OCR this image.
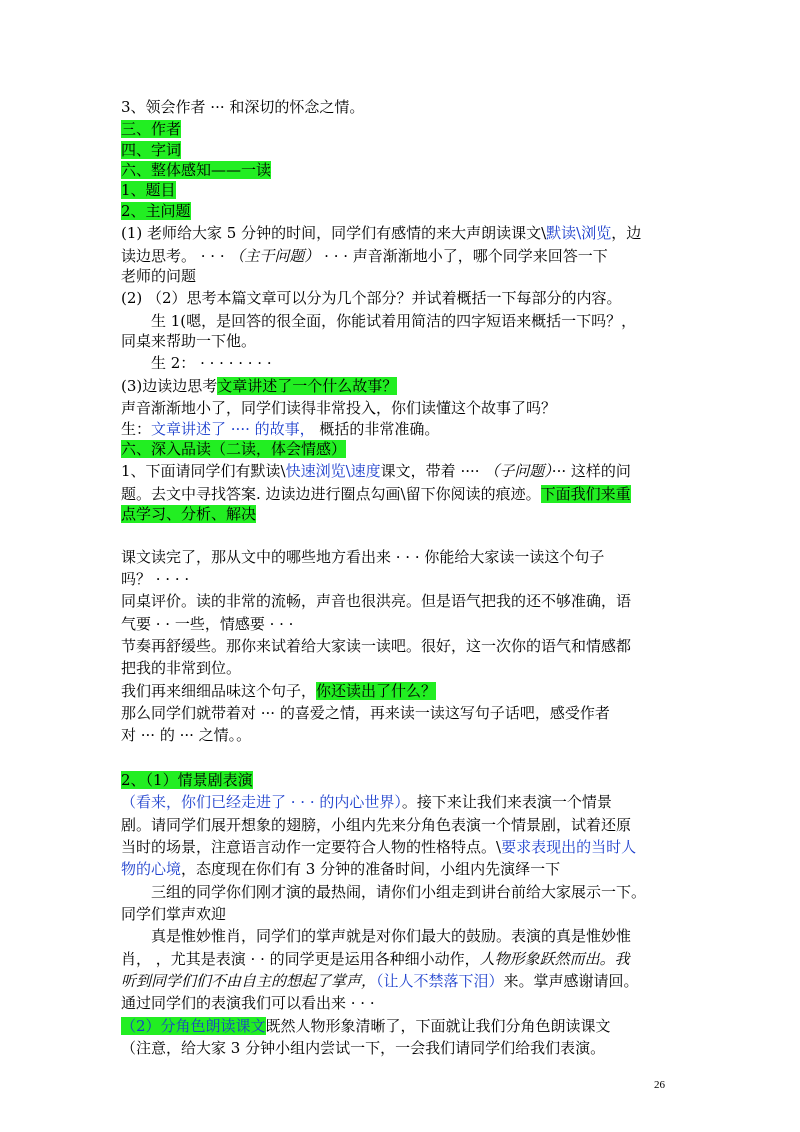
3、领会作者 ··· 和深切的怀念之情。
三、作者
四、字词
六、整体感知——一读
1、题目
2、主问题
(1) 老师给大家 5 分钟的时间，同学们有感情的来大声朗读课文\默读\浏览，边
读边思考。 · · · （主干问题） · · · 声音渐渐地小了，哪个同学来回答一下
老师的问题
(2) （2）思考本篇文章可以分为几个部分？并试着概括一下每部分的内容。
生 1(嗯，是回答的很全面，你能试着用简洁的四字短语来概括一下吗？，
同桌来帮助一下他。
生 2： · · · · · · · ·
(3)边读边思考文章讲述了一个什么故事？
声音渐渐地小了，同学们读得非常投入，你们读懂这个故事了吗？
生：文章讲述了 ···· 的故事， 概括的非常准确。
六、深入品读（二读，体会情感）
1、下面请同学们有默读\快速浏览\速度课文，带着 ···· （子问题）··· 这样的问
题。去文中寻找答案. 边读边进行圈点勾画\留下你阅读的痕迹。下面我们来重
点学习、分析、解决
课文读完了，那从文中的哪些地方看出来 · · · 你能给大家读一读这个句子
吗？ · · · ·
同桌评价。读的非常的流畅，声音也很洪亮。但是语气把我的还不够准确，语
气要 · · 一些，情感要 · · ·
节奏再舒缓些。那你来试着给大家读一读吧。很好，这一次你的语气和情感都
把我的非常到位。
我们再来细细品味这个句子，你还读出了什么？
那么同学们就带着对 ··· 的喜爱之情，再来读一读这写句子话吧，感受作者
对 ··· 的 ··· 之情。。
2、（1）情景剧表演
（看来，你们已经走进了 · · · 的内心世界）。接下来让我们来表演一个情景
剧。请同学们展开想象的翅膀，小组内先来分角色表演一个情景剧，试着还原
当时的场景，注意语言动作一定要符合人物的性格特点。\要求表现出的当时人
物的心境，态度现在你们有 3 分钟的准备时间，小组内先演绎一下
三组的同学你们刚才演的最热闹，请你们小组走到讲台前给大家展示一下。
同学们掌声欢迎
真是惟妙惟肖，同学们的掌声就是对你们最大的鼓励。表演的真是惟妙惟
肖， ，尤其是表演 · · 的同学更是运用各种细小动作，人物形象跃然而出。我
听到同学们们不由自主的想起了掌声，（让人不禁落下泪）来。掌声感谢请回。
通过同学们的表演我们可以看出来 · · ·
（2）分角色朗读课文既然人物形象清晰了，下面就让我们分角色朗读课文
（注意，给大家 3 分钟小组内尝试一下，一会我们请同学们给我们表演。
26
